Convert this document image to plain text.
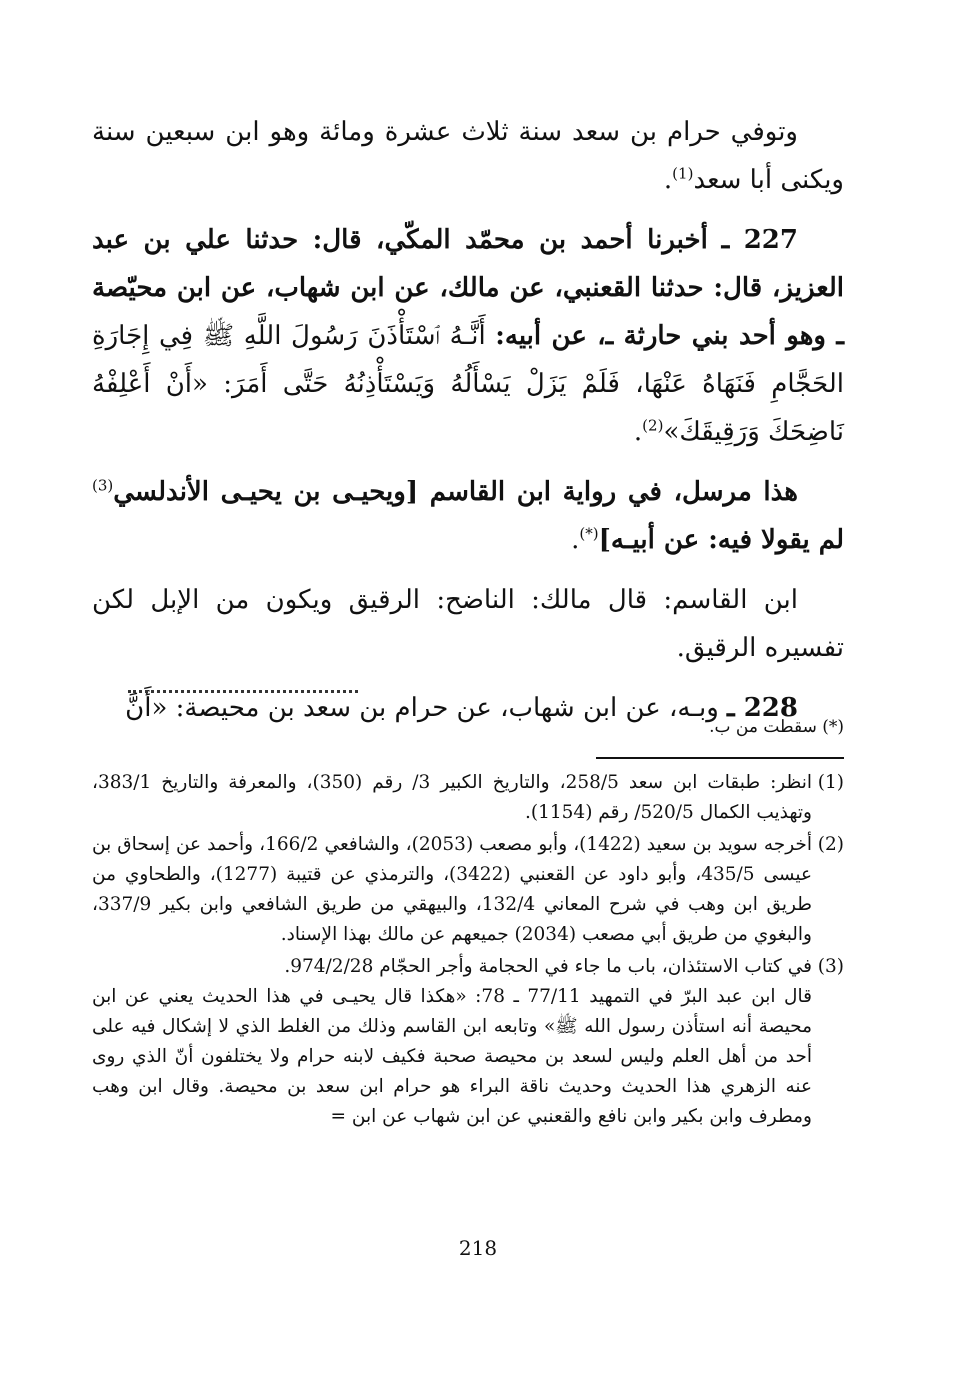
وتوفي حرام بن سعد سنة ثلاث عشرة ومائة وهو ابن سبعين سنة ويكنى أبا سعد$^{(1)}$.

227 ـ أخبرنا أحمد بن محمّد المكّي، قال: حدثنا علي بن عبد العزيز، قال: حدثنا القعنبي، عن مالك، عن ابن شهاب، عن ابن محيّصة ـ وهو أحد بني حارثة ـ، عن أبيه: أَنَّـهُ ٱسْتَأْذَنَ رَسُولَ اللَّهِ ﷺ فِي إِجَارَةِ الحَجَّامِ فَنَهَاهُ عَنْهَا، فَلَمْ يَزَلْ يَسْأَلُهُ وَيَسْتَأْذِنُهُ حَتَّى أَمَرَ: «أَنْ أَعْلِفْهُ نَاضِحَكَ وَرَقِيقَكَ»$^{(2)}$.

هذا مرسل، في رواية ابن القاسم [ويحيـى بن يحيـى الأندلسي$^{(3)}$ لم يقولا فيه: عن أبيـه](*).

ابن القاسم: قال مالك: الناضح: الرقيق ويكون من الإبل لكن تفسيره الرقيق.

228 ـ وبـه، عن ابن شهاب، عن حرام بن سعد بن محيصة: «أَنَّ

(*) سقطت من ب.
(1)

انظر: طبقات ابن سعد 258/5، والتاريخ الكبير 3/ رقم (350)، والمعرفة والتاريخ 383/1، وتهذيب الكمال 520/5/ رقم (1154).

(2)

أخرجه سويد بن سعيد (1422)، وأبو مصعب (2053)، والشافعي 166/2، وأحمد عن إسحاق بن عيسى 435/5، وأبو داود عن القعنبي (3422)، والترمذي عن قتيبة (1277)، والطحاوي من طريق ابن وهب في شرح المعاني 132/4، والبيهقي من طريق الشافعي وابن بكير 337/9، والبغوي من طريق أبي مصعب (2034) جميعهم عن مالك بهذا الإسناد.

(3)

في كتاب الاستئذان، باب ما جاء في الحجامة وأجر الحجّام 974/2/28.

قال ابن عبد البرّ في التمهيد 77/11 ـ 78: «هكذا قال يحيـى في هذا الحديث يعني عن ابن محيصة أنه استأذن رسول الله ﷺ» وتابعه ابن القاسم وذلك من الغلط الذي لا إشكال فيه على أحد من أهل العلم وليس لسعد بن محيصة صحبة فكيف لابنه حرام ولا يختلفون أنّ الذي روى عنه الزهري هذا الحديث وحديث ناقة البراء هو حرام ابن سعد بن محيصة. وقال ابن وهب ومطرف وابن بكير وابن نافع والقعنبي عن ابن شهاب عن ابن =

218
